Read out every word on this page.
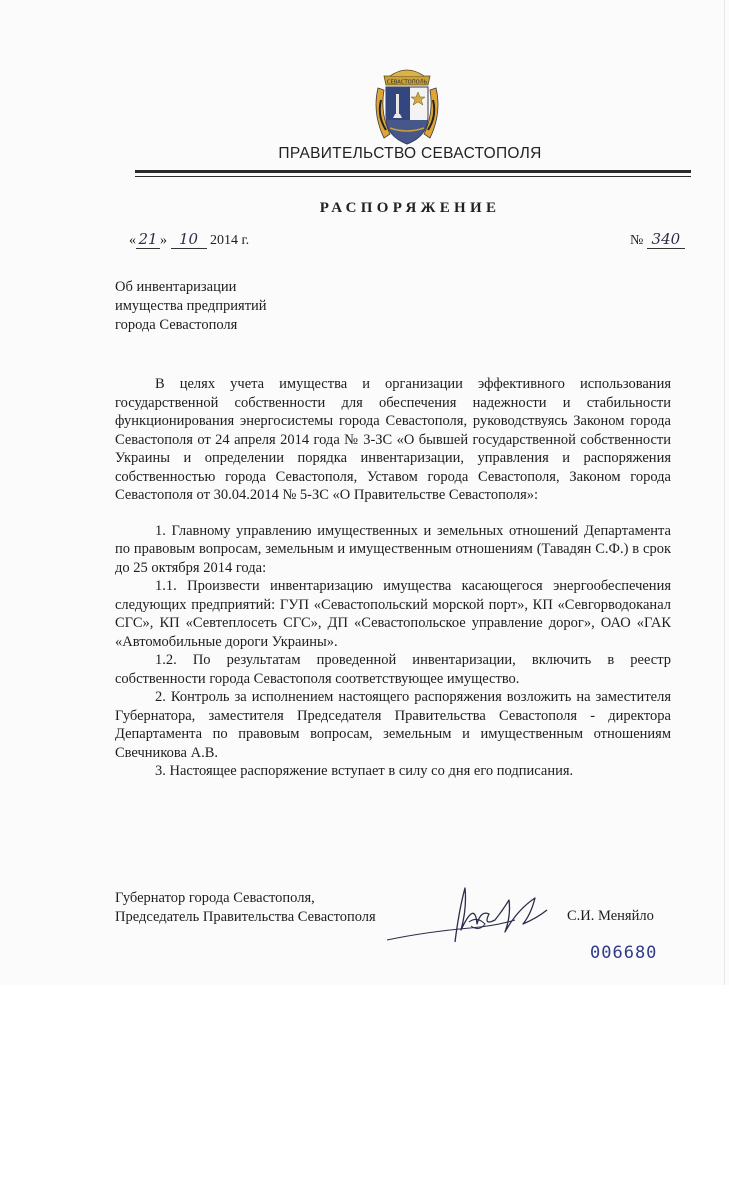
СЕВАСТОПОЛЬ
ПРАВИТЕЛЬСТВО СЕВАСТОПОЛЯ
РАСПОРЯЖЕНИЕ
« 21 » 10 2014 г.	№ 340
Об инвентаризации
имущества предприятий
города Севастополя

В целях учета имущества и организации эффективного использования государственной собственности для обеспечения надежности и стабильности функционирования энергосистемы города Севастополя, руководствуясь Законом города Севастополя от 24 апреля 2014 года № 3-ЗС «О бывшей государственной собственности Украины и определении порядка инвентаризации, управления и распоряжения собственностью города Севастополя, Уставом города Севастополя, Законом города Севастополя от 30.04.2014 № 5-ЗС «О Правительстве Севастополя»:

1. Главному управлению имущественных и земельных отношений Департамента по правовым вопросам, земельным и имущественным отношениям (Тавадян С.Ф.) в срок до 25 октября 2014 года:

1.1. Произвести инвентаризацию имущества касающегося энергообеспечения следующих предприятий: ГУП «Севастопольский морской порт», КП «Севгорводоканал СГС», КП «Севтеплосеть СГС», ДП «Севастопольское управление дорог», ОАО «ГАК «Автомобильные дороги Украины».

1.2. По результатам проведенной инвентаризации, включить в реестр собственности города Севастополя соответствующее имущество.

2. Контроль за исполнением настоящего распоряжения возложить на заместителя Губернатора, заместителя Председателя Правительства Севастополя - директора Департамента по правовым вопросам, земельным и имущественным отношениям Свечникова А.В.

3. Настоящее распоряжение вступает в силу со дня его подписания.

Губернатор города Севастополя,
Председатель Правительства Севастополя	С.И. Меняйло
006680
